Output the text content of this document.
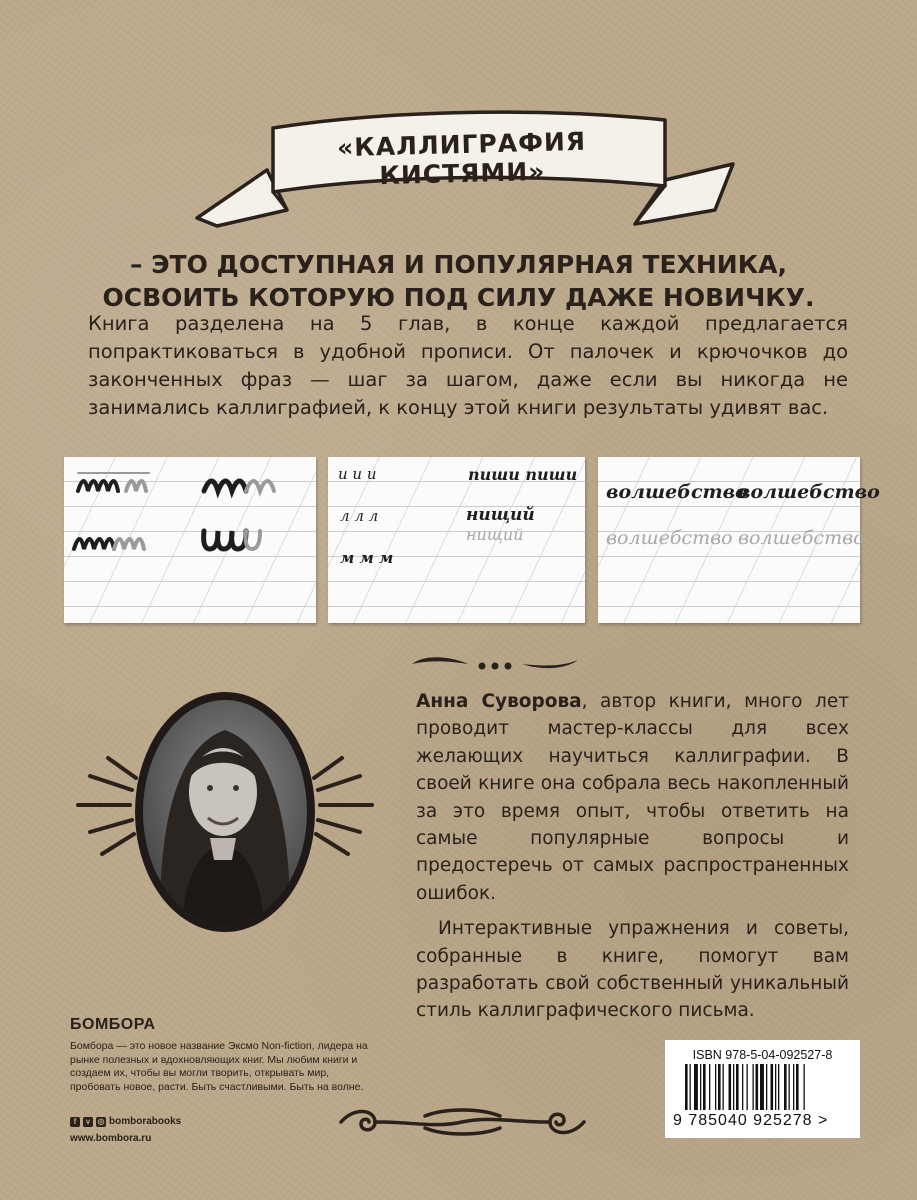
«КАЛЛИГРАФИЯ КИСТЯМИ»
– ЭТО ДОСТУПНАЯ И ПОПУЛЯРНАЯ ТЕХНИКА,
ОСВОИТЬ КОТОРУЮ ПОД СИЛУ ДАЖЕ НОВИЧКУ.
Книга разделена на 5 глав, в конце каждой предлагается попрактиковаться в удобной прописи. От палочек и крючочков до законченных фраз — шаг за шагом, даже если вы никогда не занимались каллиграфией, к концу этой книги результаты удивят вас.
и и и
л л л
м м м
пиши пиши
нищий
нищий
волшебство
волшебство
волшебство волшебство

Анна Суворова, автор книги, много лет проводит мастер-классы для всех желающих научиться каллиграфии. В своей книге она собрала весь накопленный за это время опыт, чтобы ответить на самые популярные вопросы и предостеречь от самых распространенных ошибок.

Интерактивные упражнения и советы, собранные в книге, помогут вам разработать свой собственный уникальный стиль каллиграфического письма.

БОМБОРА
Бомбора — это новое название Эксмо Non-fiction, лидера на рынке полезных и вдохновляющих книг. Мы любим книги и создаем их, чтобы вы могли творить, открывать мир, пробовать новое, расти. Быть счастливыми. Быть на волне.
f	v ◎ bomborabooks
www.bombora.ru
ISBN 978-5-04-092527-8
9 785040 925278 >
